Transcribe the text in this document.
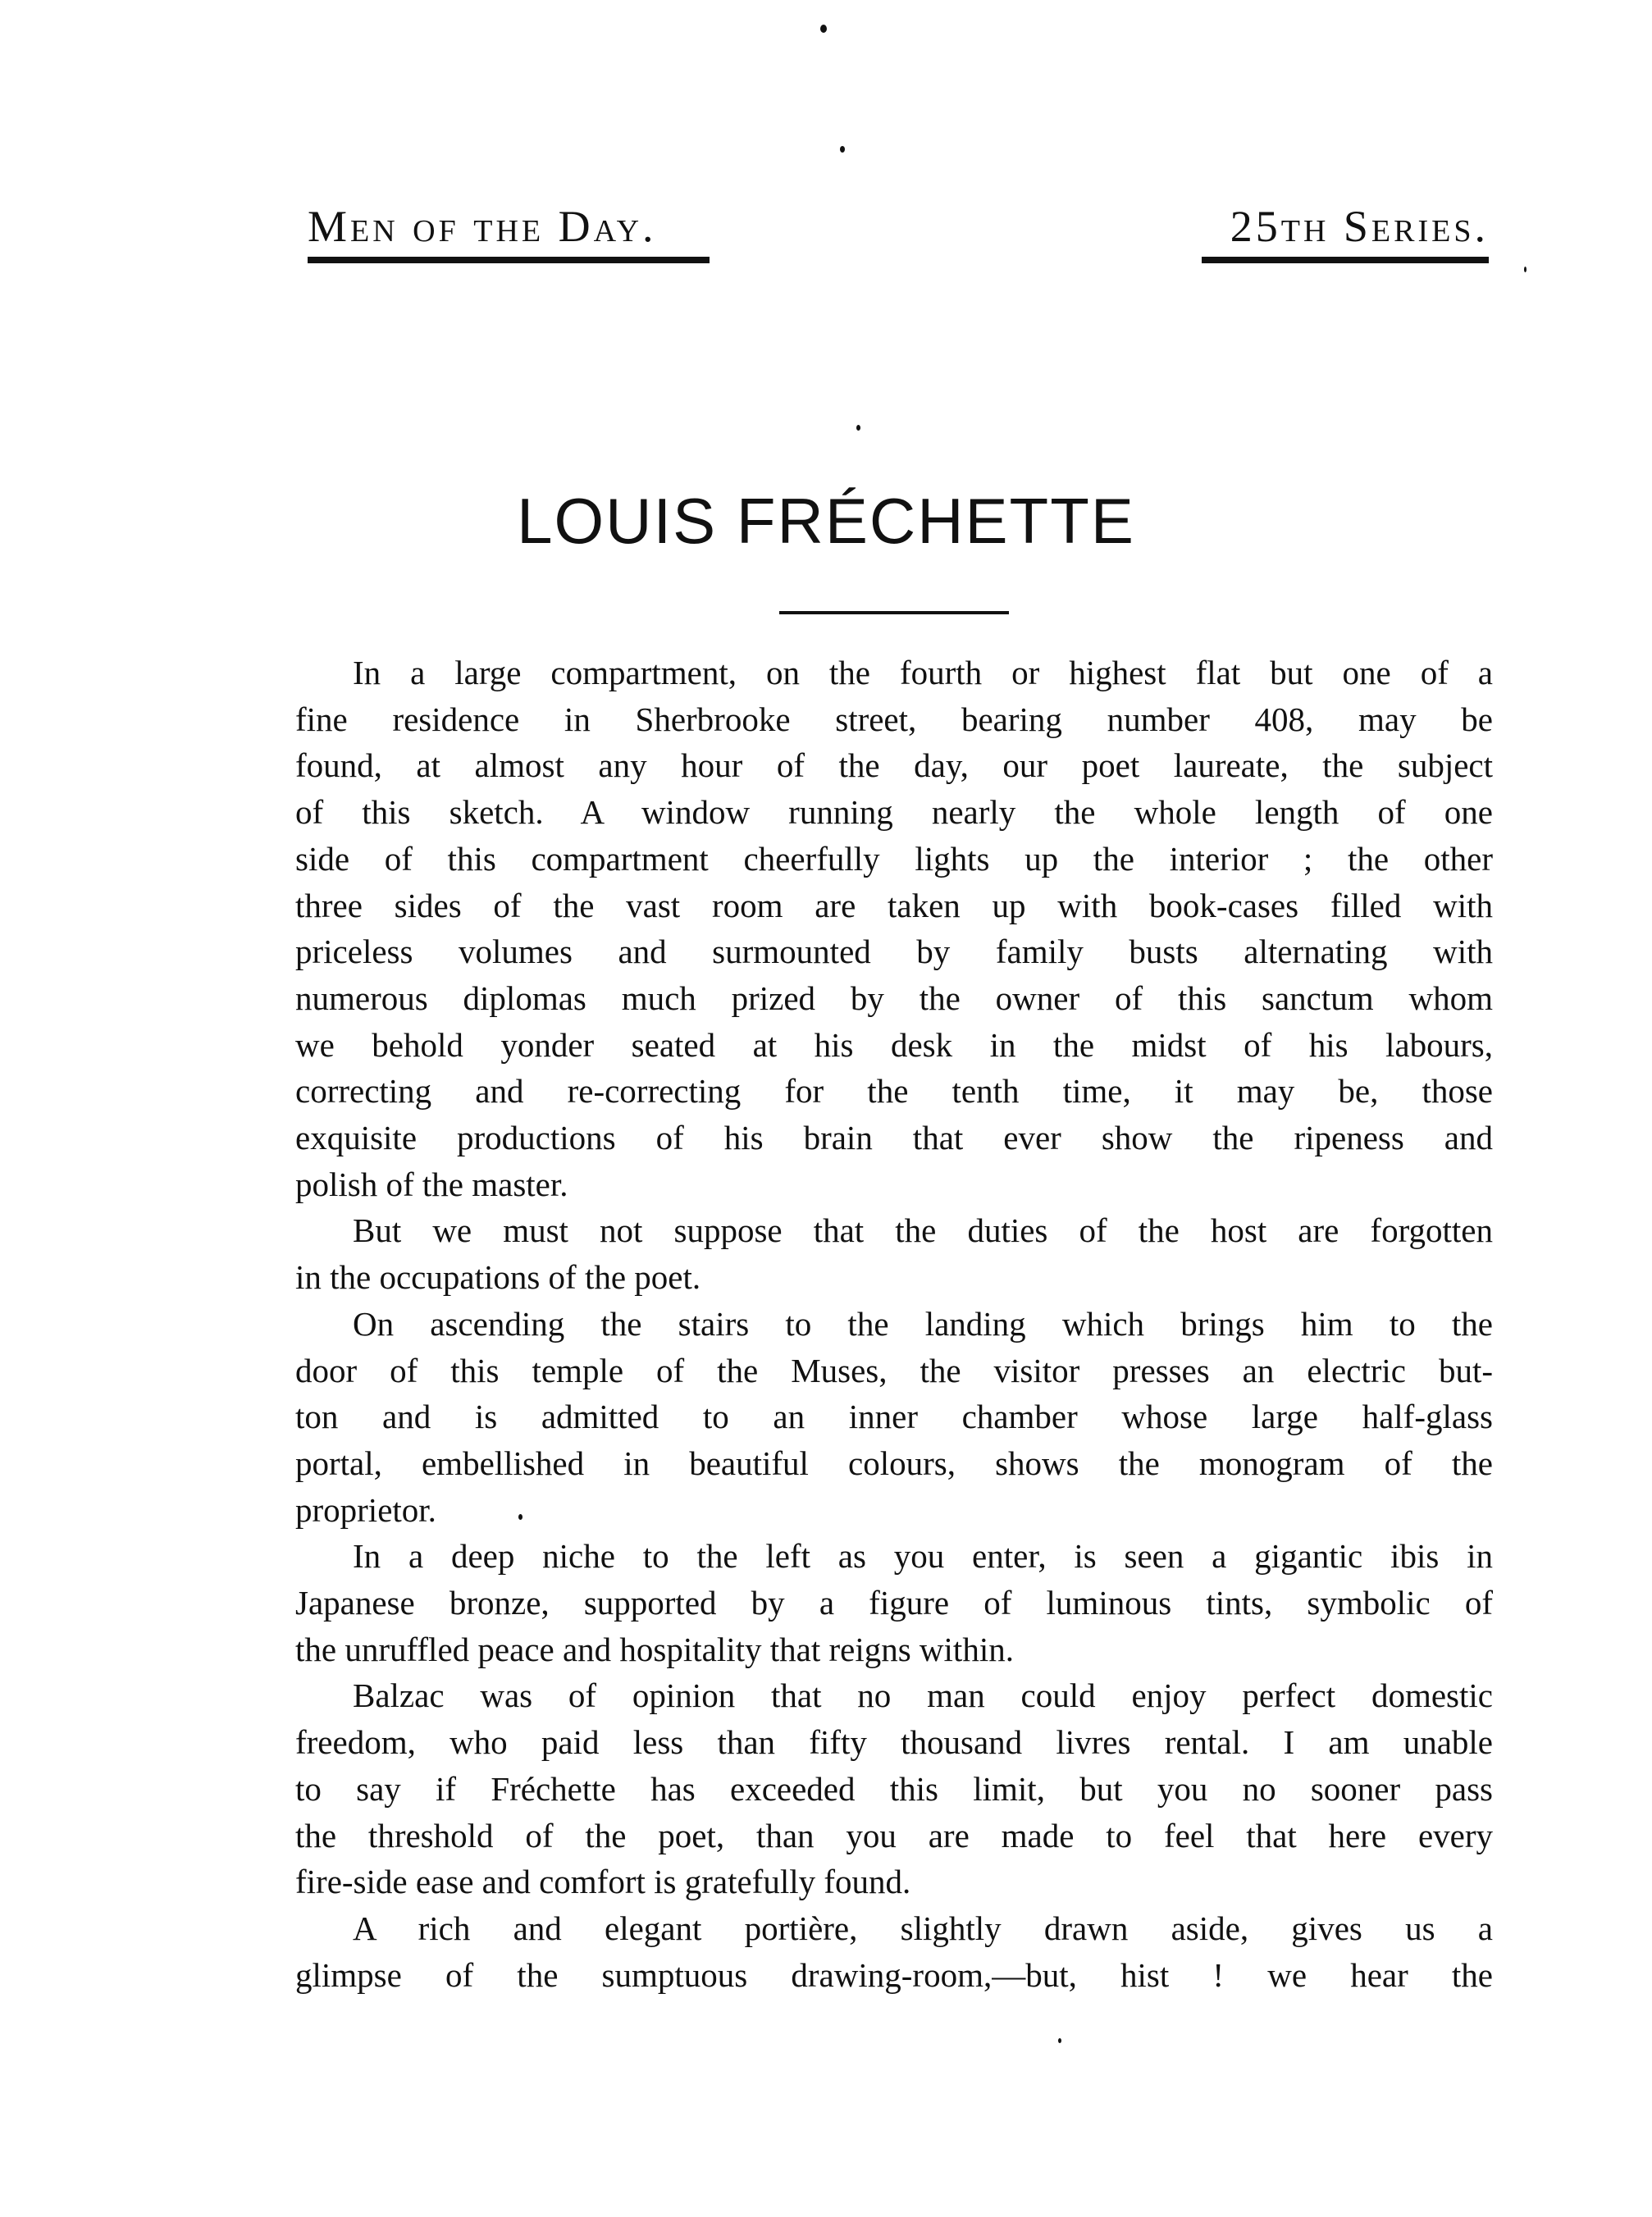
Men of the Day.	25th Series.
LOUIS FRÉCHETTE

In a large compartment, on the fourth or highest flat but one of a
fine residence in Sherbrooke street, bearing number 408, may be
found, at almost any hour of the day, our poet laureate, the subject
of this sketch. A window running nearly the whole length of one
side of this compartment cheerfully lights up the interior ; the other
three sides of the vast room are taken up with book-cases filled with
priceless volumes and surmounted by family busts alternating with
numerous diplomas much prized by the owner of this sanctum whom
we behold yonder seated at his desk in the midst of his labours,
correcting and re-correcting for the tenth time, it may be, those
exquisite productions of his brain that ever show the ripeness and
polish of the master.

But we must not suppose that the duties of the host are forgotten
in the occupations of the poet.

On ascending the stairs to the landing which brings him to the
door of this temple of the Muses, the visitor presses an electric but-
ton and is admitted to an inner chamber whose large half-glass
portal, embellished in beautiful colours, shows the monogram of the
proprietor.

In a deep niche to the left as you enter, is seen a gigantic ibis in
Japanese bronze, supported by a figure of luminous tints, symbolic of
the unruffled peace and hospitality that reigns within.

Balzac was of opinion that no man could enjoy perfect domestic
freedom, who paid less than fifty thousand livres rental. I am unable
to say if Fréchette has exceeded this limit, but you no sooner pass
the threshold of the poet, than you are made to feel that here every
fire-side ease and comfort is gratefully found.

A rich and elegant portière, slightly drawn aside, gives us a
glimpse of the sumptuous drawing-room,—but, hist ! we hear the
